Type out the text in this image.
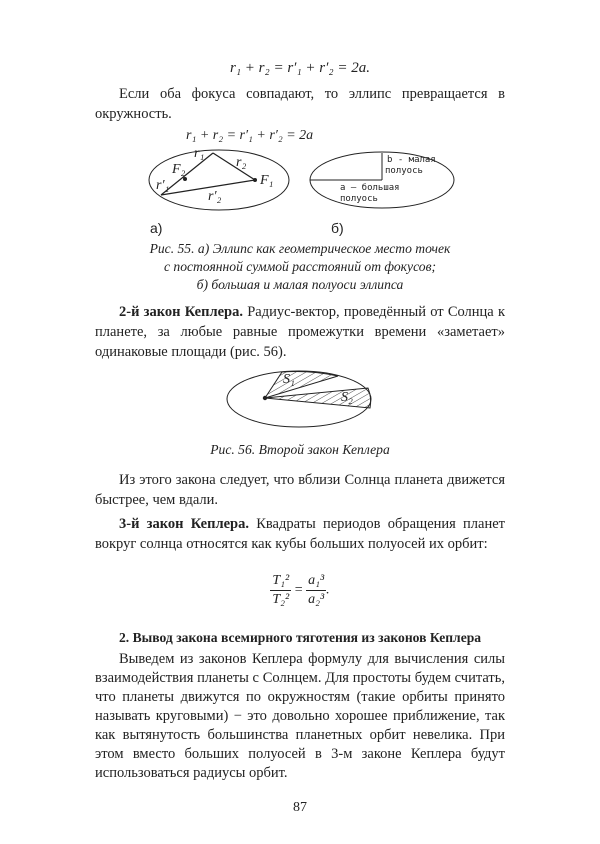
r₁ + r₂ = r′₁ + r′₂ = 2a.
Если оба фокуса совпадают, то эллипс превращается в окружность.
r₁ + r₂ = r′₁ + r′₂ = 2a
r₁
r₂
r′₁
r′₂
F₂
F₁
b - малая
полуось
a – большая
полуось
а)	б)
Рис. 55. а) Эллипс как геометрическое место точек
с постоянной суммой расстояний от фокусов;
б) большая и малая полуоси эллипса
2-й закон Кеплера. Радиус-вектор, проведённый от Солнца к планете, за любые равные промежутки времени «заметает» одинаковые площади (рис. 56).
S₁
S₂
Рис. 56. Второй закон Кеплера
Из этого закона следует, что вблизи Солнца планета движется быстрее, чем вдали.
3-й закон Кеплера. Квадраты периодов обращения планет вокруг солнца относятся как кубы больших полуосей их орбит:
$\frac{\text{T₁²}}{\text{T₂²}} = \frac{\text{a₁³}}{\text{a₂³}}$ .
2. Вывод закона всемирного тяготения из законов Кеплера
Выведем из законов Кеплера формулу для вычисления силы взаимодействия планеты с Солнцем. Для простоты будем считать, что планеты движутся по окружностям (такие орбиты принято называть круговыми) − это довольно хорошее приближение, так как вытянутость большинства планетных орбит невелика. При этом вместо больших полуосей в 3-м законе Кеплера будут использоваться радиусы орбит.
87
